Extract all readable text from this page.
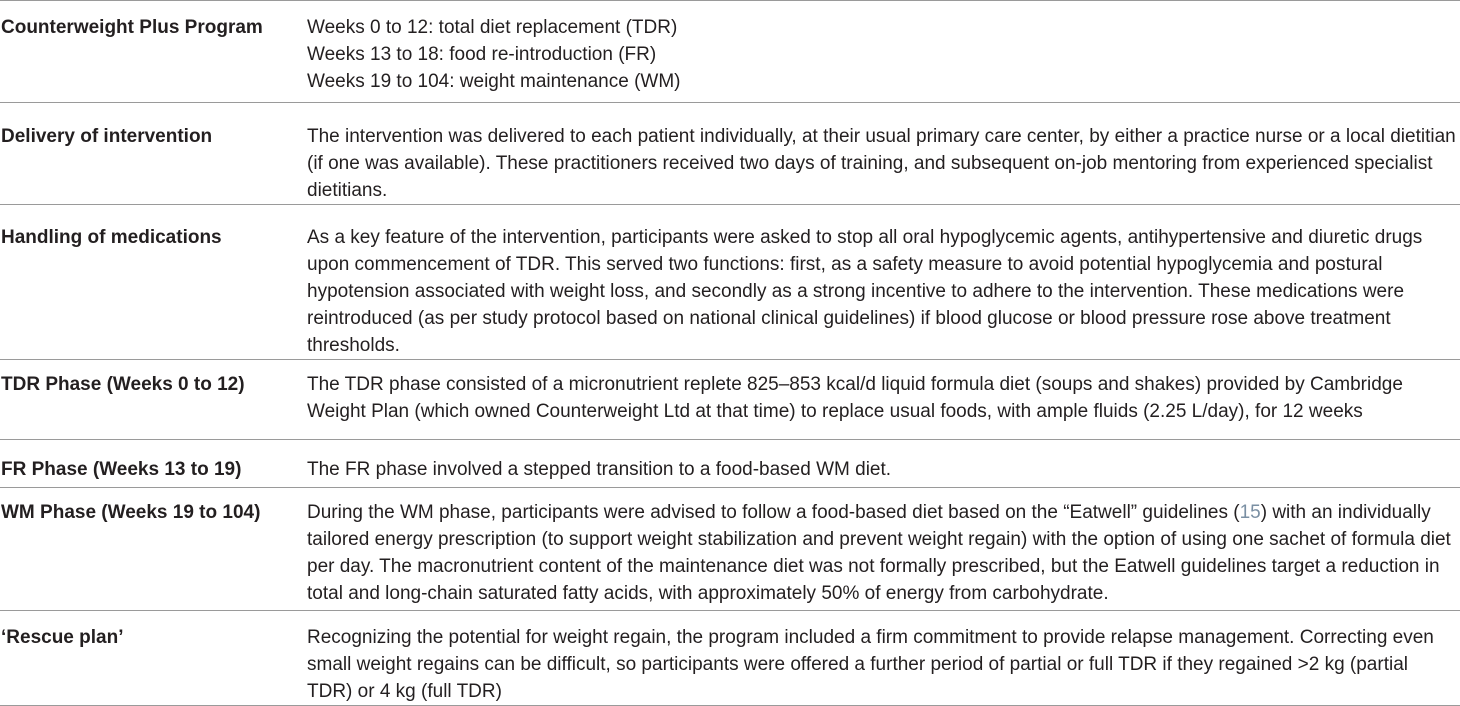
Counterweight Plus Program	Weeks 0 to 12: total diet replacement (TDR)
Weeks 13 to 18: food re-introduction (FR)
Weeks 19 to 104: weight maintenance (WM)

Delivery of intervention	The intervention was delivered to each patient individually, at their usual primary care center, by either a practice nurse or a local dietitian (if one was available). These practitioners received two days of training, and subsequent on-job mentoring from experienced specialist dietitians.
Handling of medications	As a key feature of the intervention, participants were asked to stop all oral hypoglycemic agents, antihypertensive and diuretic drugs upon commencement of TDR. This served two functions: first, as a safety measure to avoid potential hypoglycemia and postural hypotension associated with weight loss, and secondly as a strong incentive to adhere to the intervention. These medications were reintroduced (as per study protocol based on national clinical guidelines) if blood glucose or blood pressure rose above treatment thresholds.
TDR Phase (Weeks 0 to 12)	The TDR phase consisted of a micronutrient replete 825–853 kcal/d liquid formula diet (soups and shakes) provided by Cambridge Weight Plan (which owned Counterweight Ltd at that time) to replace usual foods, with ample fluids (2.25 L/day), for 12 weeks
FR Phase (Weeks 13 to 19)	The FR phase involved a stepped transition to a food-based WM diet.
WM Phase (Weeks 19 to 104)	During the WM phase, participants were advised to follow a food-based diet based on the “Eatwell” guidelines (15) with an individually tailored energy prescription (to support weight stabilization and prevent weight regain) with the option of using one sachet of formula diet per day. The macronutrient content of the maintenance diet was not formally prescribed, but the Eatwell guidelines target a reduction in total and long-chain saturated fatty acids, with approximately 50% of energy from carbohydrate.
‘Rescue plan’	Recognizing the potential for weight regain, the program included a firm commitment to provide relapse management. Correcting even small weight regains can be difficult, so participants were offered a further period of partial or full TDR if they regained >2 kg (partial TDR) or 4 kg (full TDR)
